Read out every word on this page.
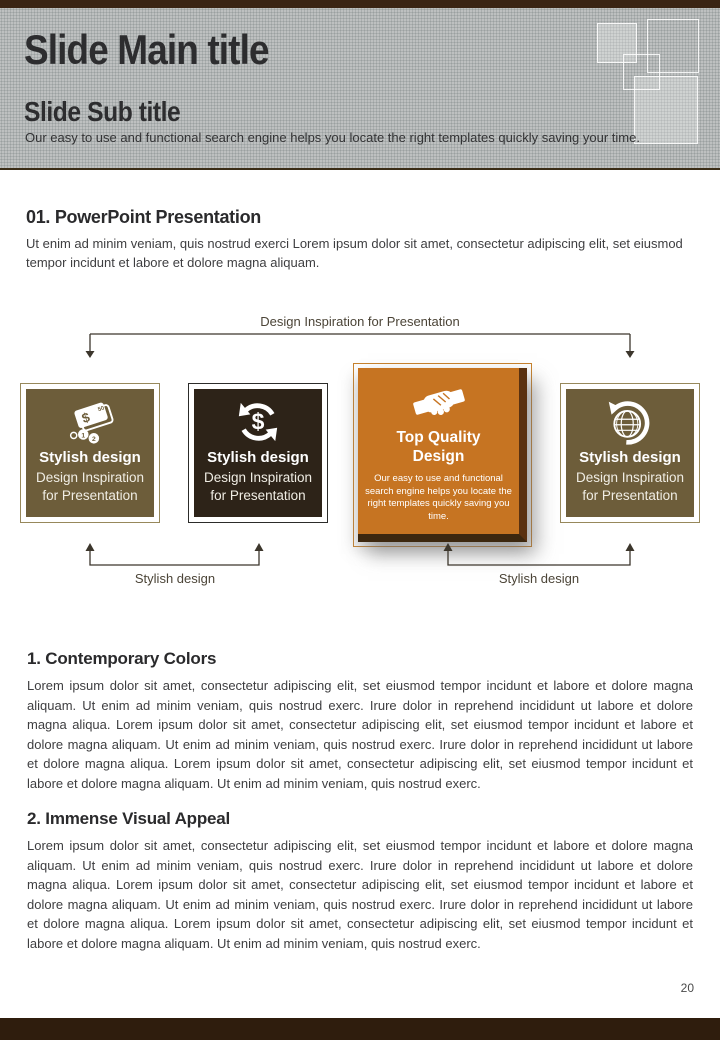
Slide Main title
Slide Sub title

Our easy to use and functional search engine helps you locate the right templates quickly saving your time.

01. PowerPoint Presentation

Ut enim ad minim veniam, quis nostrud exerci Lorem ipsum dolor sit amet, consectetur adipiscing elit, set eiusmod tempor incidunt et labore et dolore magna aliquam.

Design Inspiration for Presentation
$
50
1
2
Stylish design
Design Inspiration for Presentation
$
Stylish design
Design Inspiration for Presentation
Top Quality Design
Our easy to use and functional search engine helps you locate the right templates quickly saving you time.
Stylish design
Design Inspiration for Presentation
Stylish design	Stylish design
1. Contemporary Colors

Lorem ipsum dolor sit amet, consectetur adipiscing elit, set eiusmod tempor incidunt et labore et dolore magna aliquam. Ut enim ad minim veniam, quis nostrud exerc. Irure dolor in reprehend incididunt ut labore et dolore magna aliqua. Lorem ipsum dolor sit amet, consectetur adipiscing elit, set eiusmod tempor incidunt et labore et dolore magna aliquam. Ut enim ad minim veniam, quis nostrud exerc. Irure dolor in reprehend incididunt ut labore et dolore magna aliqua. Lorem ipsum dolor sit amet, consectetur adipiscing elit, set eiusmod tempor incidunt et labore et dolore magna aliquam. Ut enim ad minim veniam, quis nostrud exerc.

2. Immense Visual Appeal

Lorem ipsum dolor sit amet, consectetur adipiscing elit, set eiusmod tempor incidunt et labore et dolore magna aliquam. Ut enim ad minim veniam, quis nostrud exerc. Irure dolor in reprehend incididunt ut labore et dolore magna aliqua. Lorem ipsum dolor sit amet, consectetur adipiscing elit, set eiusmod tempor incidunt et labore et dolore magna aliquam. Ut enim ad minim veniam, quis nostrud exerc. Irure dolor in reprehend incididunt ut labore et dolore magna aliqua. Lorem ipsum dolor sit amet, consectetur adipiscing elit, set eiusmod tempor incidunt et labore et dolore magna aliquam. Ut enim ad minim veniam, quis nostrud exerc.

20
